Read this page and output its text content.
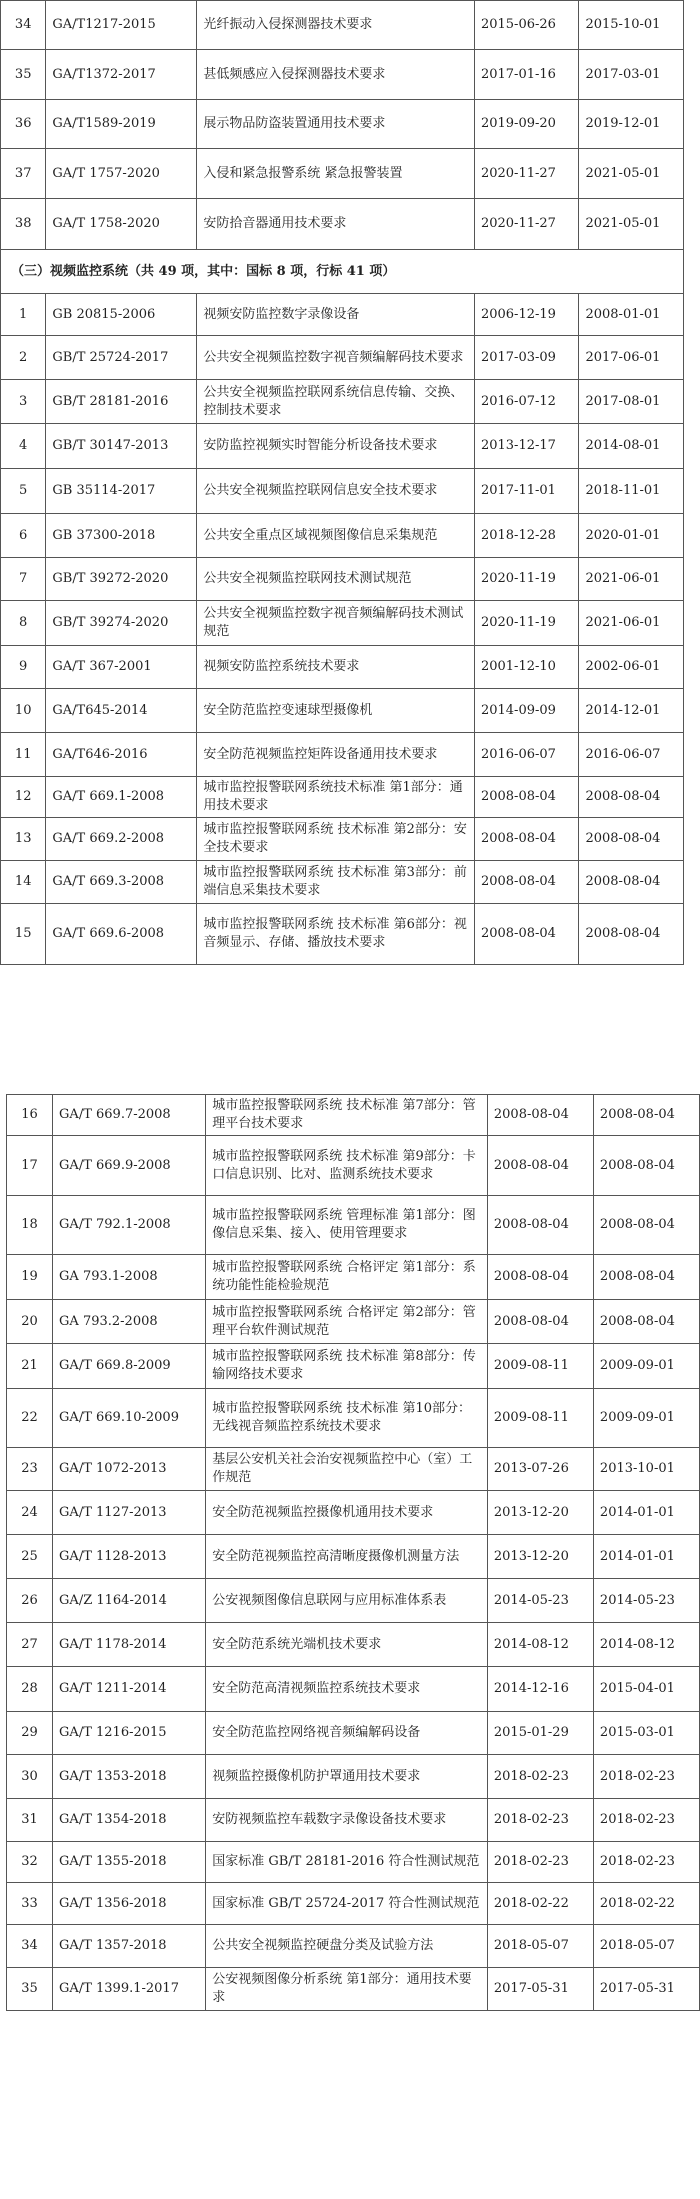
34	GA/T1217-2015	光纤振动入侵探测器技术要求	2015-06-26	2015-10-01
35	GA/T1372-2017	甚低频感应入侵探测器技术要求	2017-01-16	2017-03-01
36	GA/T1589-2019	展示物品防盗装置通用技术要求	2019-09-20	2019-12-01
37	GA/T 1757-2020	入侵和紧急报警系统 紧急报警装置	2020-11-27	2021-05-01
38	GA/T 1758-2020	安防拾音器通用技术要求	2020-11-27	2021-05-01
（三）视频监控系统（共 49 项，其中：国标 8 项，行标 41 项）				
1	GB 20815-2006	视频安防监控数字录像设备	2006-12-19	2008-01-01
2	GB/T 25724-2017	公共安全视频监控数字视音频编解码技术要求	2017-03-09	2017-06-01
3	GB/T 28181-2016	公共安全视频监控联网系统信息传输、交换、控制技术要求	2016-07-12	2017-08-01
4	GB/T 30147-2013	安防监控视频实时智能分析设备技术要求	2013-12-17	2014-08-01
5	GB 35114-2017	公共安全视频监控联网信息安全技术要求	2017-11-01	2018-11-01
6	GB 37300-2018	公共安全重点区域视频图像信息采集规范	2018-12-28	2020-01-01
7	GB/T 39272-2020	公共安全视频监控联网技术测试规范	2020-11-19	2021-06-01
8	GB/T 39274-2020	公共安全视频监控数字视音频编解码技术测试规范	2020-11-19	2021-06-01
9	GA/T 367-2001	视频安防监控系统技术要求	2001-12-10	2002-06-01
10	GA/T645-2014	安全防范监控变速球型摄像机	2014-09-09	2014-12-01
11	GA/T646-2016	安全防范视频监控矩阵设备通用技术要求	2016-06-07	2016-06-07
12	GA/T 669.1-2008	城市监控报警联网系统技术标准 第1部分：通用技术要求	2008-08-04	2008-08-04
13	GA/T 669.2-2008	城市监控报警联网系统 技术标准 第2部分：安全技术要求	2008-08-04	2008-08-04
14	GA/T 669.3-2008	城市监控报警联网系统 技术标准 第3部分：前端信息采集技术要求	2008-08-04	2008-08-04
15	GA/T 669.6-2008	城市监控报警联网系统 技术标准 第6部分：视音频显示、存储、播放技术要求	2008-08-04	2008-08-04
16	GA/T 669.7-2008	城市监控报警联网系统 技术标准 第7部分：管理平台技术要求	2008-08-04	2008-08-04
17	GA/T 669.9-2008	城市监控报警联网系统 技术标准 第9部分：卡口信息识别、比对、监测系统技术要求	2008-08-04	2008-08-04
18	GA/T 792.1-2008	城市监控报警联网系统 管理标准 第1部分：图像信息采集、接入、使用管理要求	2008-08-04	2008-08-04
19	GA 793.1-2008	城市监控报警联网系统 合格评定 第1部分：系统功能性能检验规范	2008-08-04	2008-08-04
20	GA 793.2-2008	城市监控报警联网系统 合格评定 第2部分：管理平台软件测试规范	2008-08-04	2008-08-04
21	GA/T 669.8-2009	城市监控报警联网系统 技术标准 第8部分：传输网络技术要求	2009-08-11	2009-09-01
22	GA/T 669.10-2009	城市监控报警联网系统 技术标准 第10部分：无线视音频监控系统技术要求	2009-08-11	2009-09-01
23	GA/T 1072-2013	基层公安机关社会治安视频监控中心（室）工作规范	2013-07-26	2013-10-01
24	GA/T 1127-2013	安全防范视频监控摄像机通用技术要求	2013-12-20	2014-01-01
25	GA/T 1128-2013	安全防范视频监控高清晰度摄像机测量方法	2013-12-20	2014-01-01
26	GA/Z 1164-2014	公安视频图像信息联网与应用标准体系表	2014-05-23	2014-05-23
27	GA/T 1178-2014	安全防范系统光端机技术要求	2014-08-12	2014-08-12
28	GA/T 1211-2014	安全防范高清视频监控系统技术要求	2014-12-16	2015-04-01
29	GA/T 1216-2015	安全防范监控网络视音频编解码设备	2015-01-29	2015-03-01
30	GA/T 1353-2018	视频监控摄像机防护罩通用技术要求	2018-02-23	2018-02-23
31	GA/T 1354-2018	安防视频监控车载数字录像设备技术要求	2018-02-23	2018-02-23
32	GA/T 1355-2018	国家标准 GB/T 28181-2016 符合性测试规范	2018-02-23	2018-02-23
33	GA/T 1356-2018	国家标准 GB/T 25724-2017 符合性测试规范	2018-02-22	2018-02-22
34	GA/T 1357-2018	公共安全视频监控硬盘分类及试验方法	2018-05-07	2018-05-07
35	GA/T 1399.1-2017	公安视频图像分析系统 第1部分：通用技术要求	2017-05-31	2017-05-31
